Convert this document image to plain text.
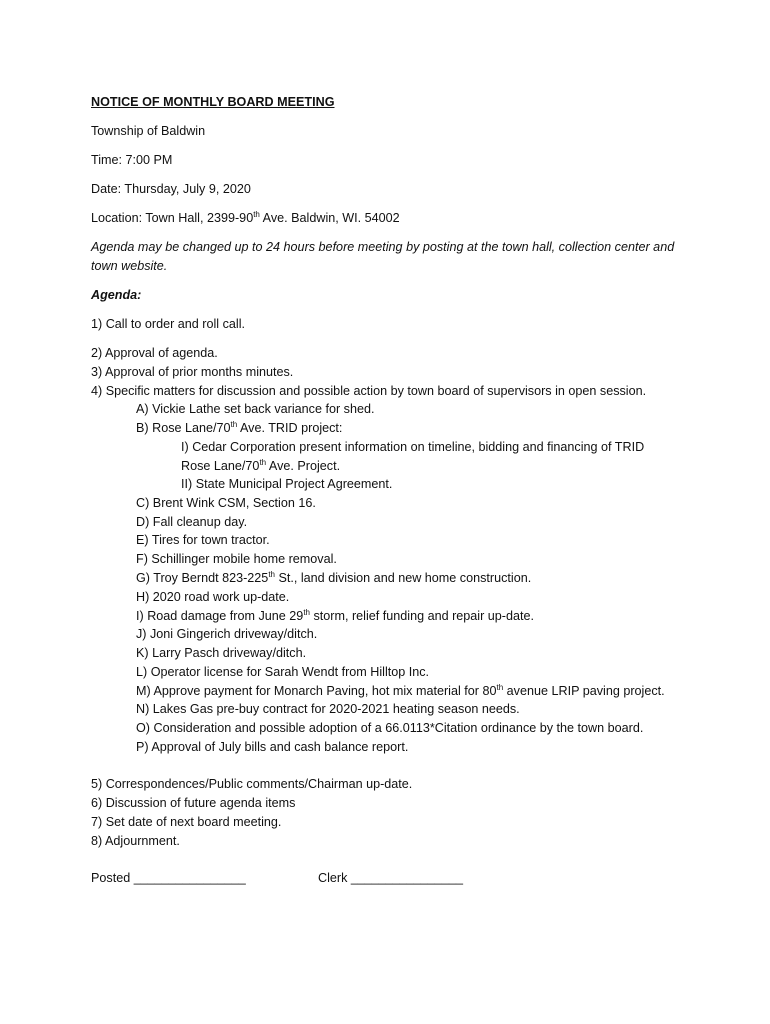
NOTICE OF MONTHLY BOARD MEETING
Township of Baldwin
Time: 7:00 PM
Date: Thursday, July 9, 2020
Location: Town Hall, 2399-90th Ave. Baldwin, WI. 54002
Agenda may be changed up to 24 hours before meeting by posting at the town hall, collection center and
town website.
Agenda:
1) Call to order and roll call.
2) Approval of agenda.
3) Approval of prior months minutes.
4) Specific matters for discussion and possible action by town board of supervisors in open session.
A) Vickie Lathe set back variance for shed.
B) Rose Lane/70th Ave. TRID project:
I) Cedar Corporation present information on timeline, bidding and financing of TRID
Rose Lane/70th Ave. Project.
II) State Municipal Project Agreement.
C) Brent Wink CSM, Section 16.
D) Fall cleanup day.
E) Tires for town tractor.
F) Schillinger mobile home removal.
G) Troy Berndt 823-225th St., land division and new home construction.
H) 2020 road work up-date.
I) Road damage from June 29th storm, relief funding and repair up-date.
J) Joni Gingerich driveway/ditch.
K) Larry Pasch driveway/ditch.
L) Operator license for Sarah Wendt from Hilltop Inc.
M) Approve payment for Monarch Paving, hot mix material for 80th avenue LRIP paving project.
N) Lakes Gas pre-buy contract for 2020-2021 heating season needs.
O) Consideration and possible adoption of a 66.0113*Citation ordinance by the town board.
P) Approval of July bills and cash balance report.
5) Correspondences/Public comments/Chairman up-date.
6) Discussion of future agenda items
7) Set date of next board meeting.
8) Adjournment.
Posted ________________	Clerk ________________
